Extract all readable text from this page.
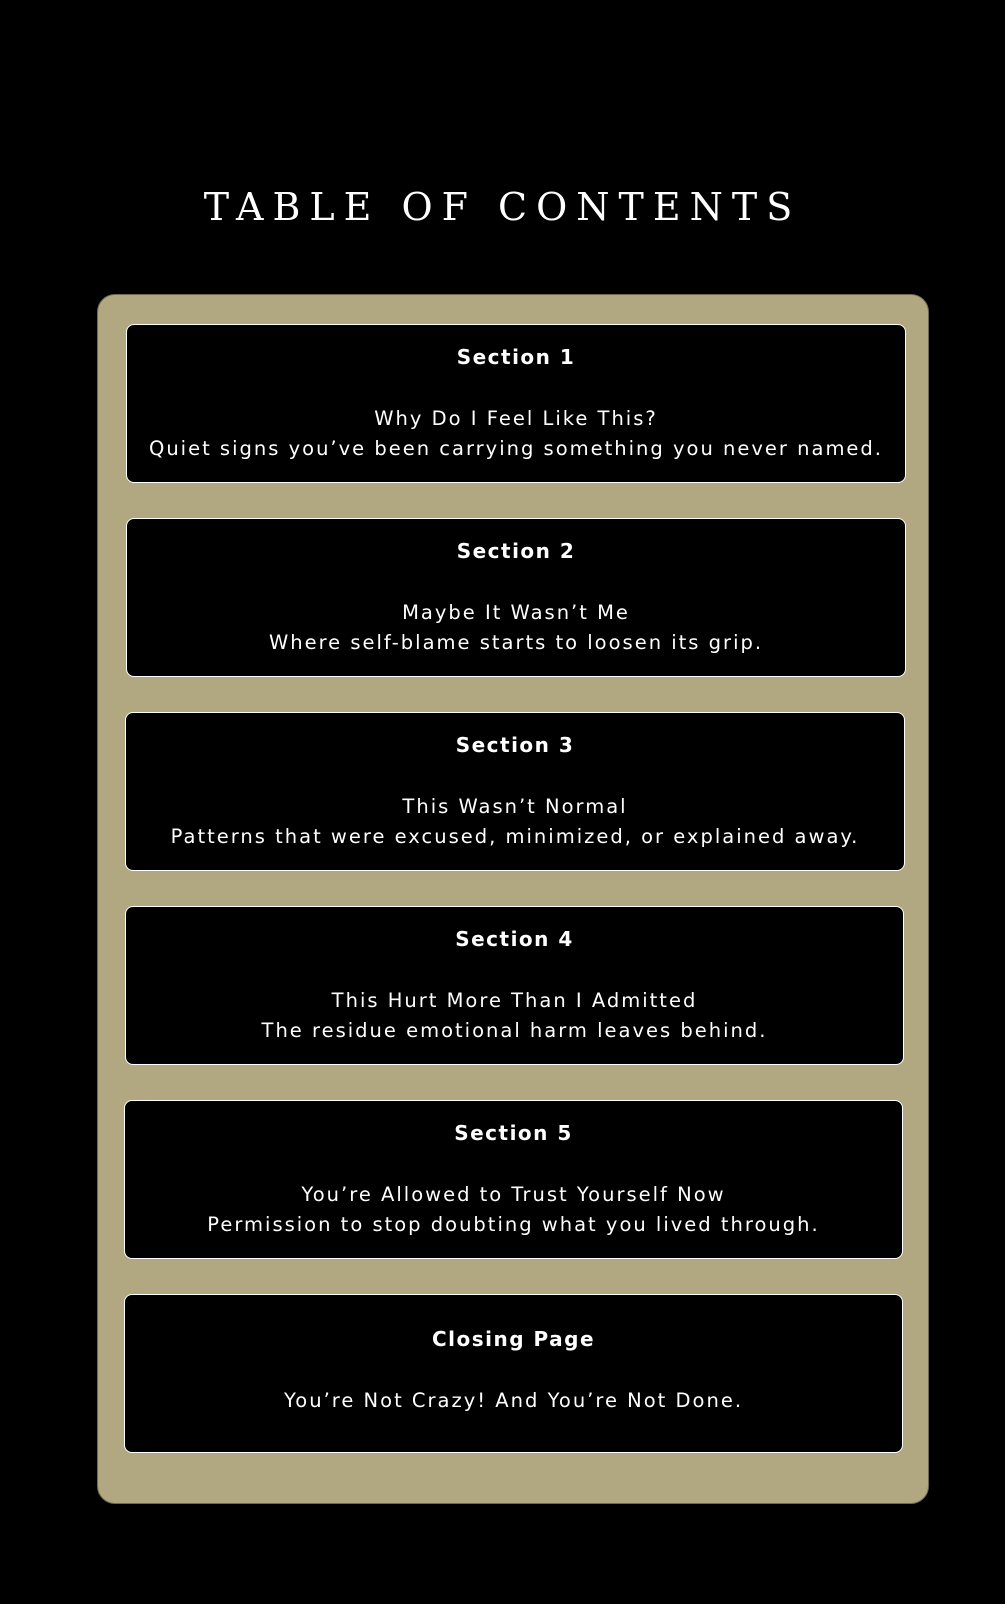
TABLE OF CONTENTS
Section 1
Why Do I Feel Like This?
Quiet signs you’ve been carrying something you never named.
Section 2
Maybe It Wasn’t Me
Where self-blame starts to loosen its grip.
Section 3
This Wasn’t Normal
Patterns that were excused, minimized, or explained away.
Section 4
This Hurt More Than I Admitted
The residue emotional harm leaves behind.
Section 5
You’re Allowed to Trust Yourself Now
Permission to stop doubting what you lived through.
Closing Page
You’re Not Crazy! And You’re Not Done.
